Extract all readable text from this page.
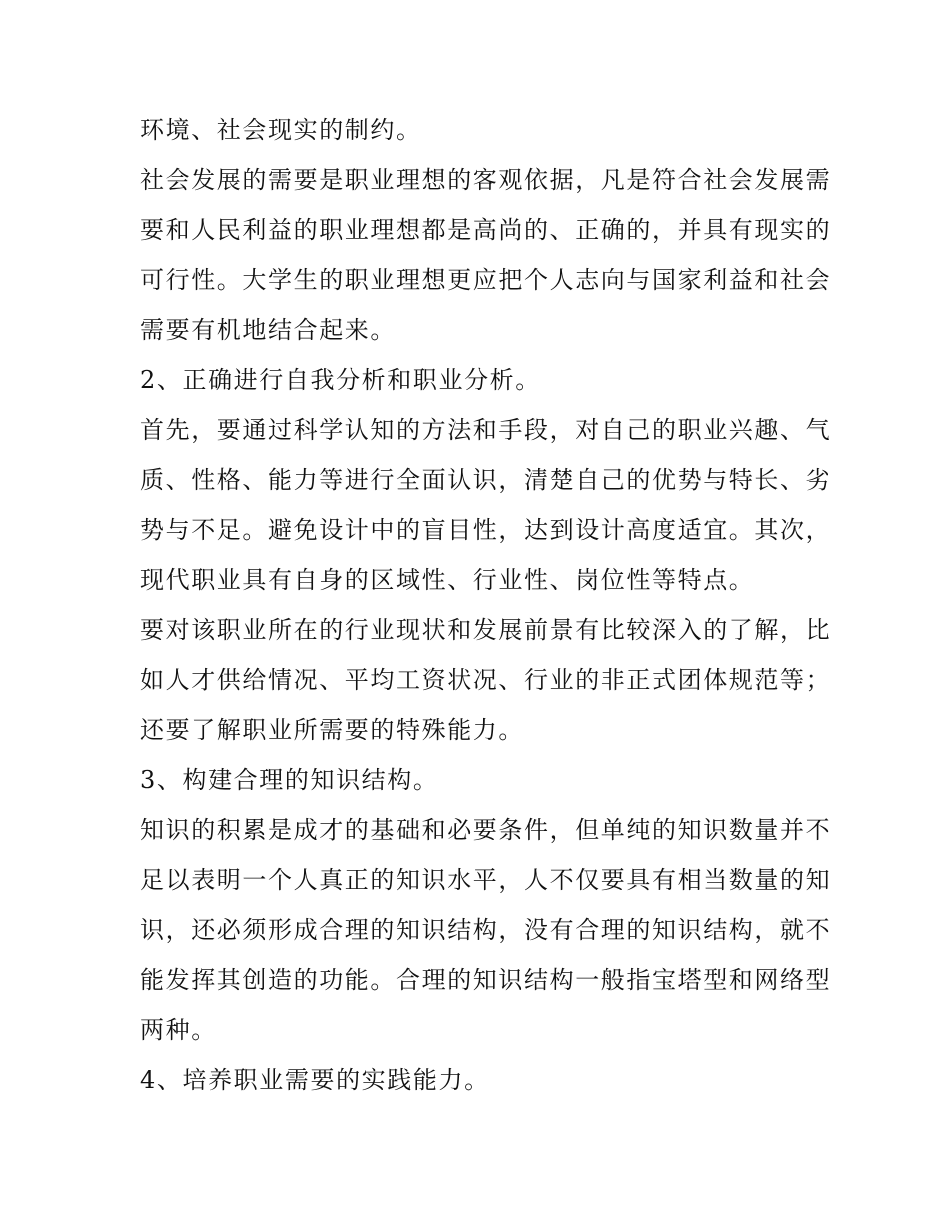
环境、社会现实的制约。
社会发展的需要是职业理想的客观依据，凡是符合社会发展需
要和人民利益的职业理想都是高尚的、正确的，并具有现实的
可行性。大学生的职业理想更应把个人志向与国家利益和社会
需要有机地结合起来。
2、正确进行自我分析和职业分析。
首先，要通过科学认知的方法和手段，对自己的职业兴趣、气
质、性格、能力等进行全面认识，清楚自己的优势与特长、劣
势与不足。避免设计中的盲目性，达到设计高度适宜。其次，
现代职业具有自身的区域性、行业性、岗位性等特点。
要对该职业所在的行业现状和发展前景有比较深入的了解，比
如人才供给情况、平均工资状况、行业的非正式团体规范等；
还要了解职业所需要的特殊能力。
3、构建合理的知识结构。
知识的积累是成才的基础和必要条件，但单纯的知识数量并不
足以表明一个人真正的知识水平，人不仅要具有相当数量的知
识，还必须形成合理的知识结构，没有合理的知识结构，就不
能发挥其创造的功能。合理的知识结构一般指宝塔型和网络型
两种。
4、培养职业需要的实践能力。
